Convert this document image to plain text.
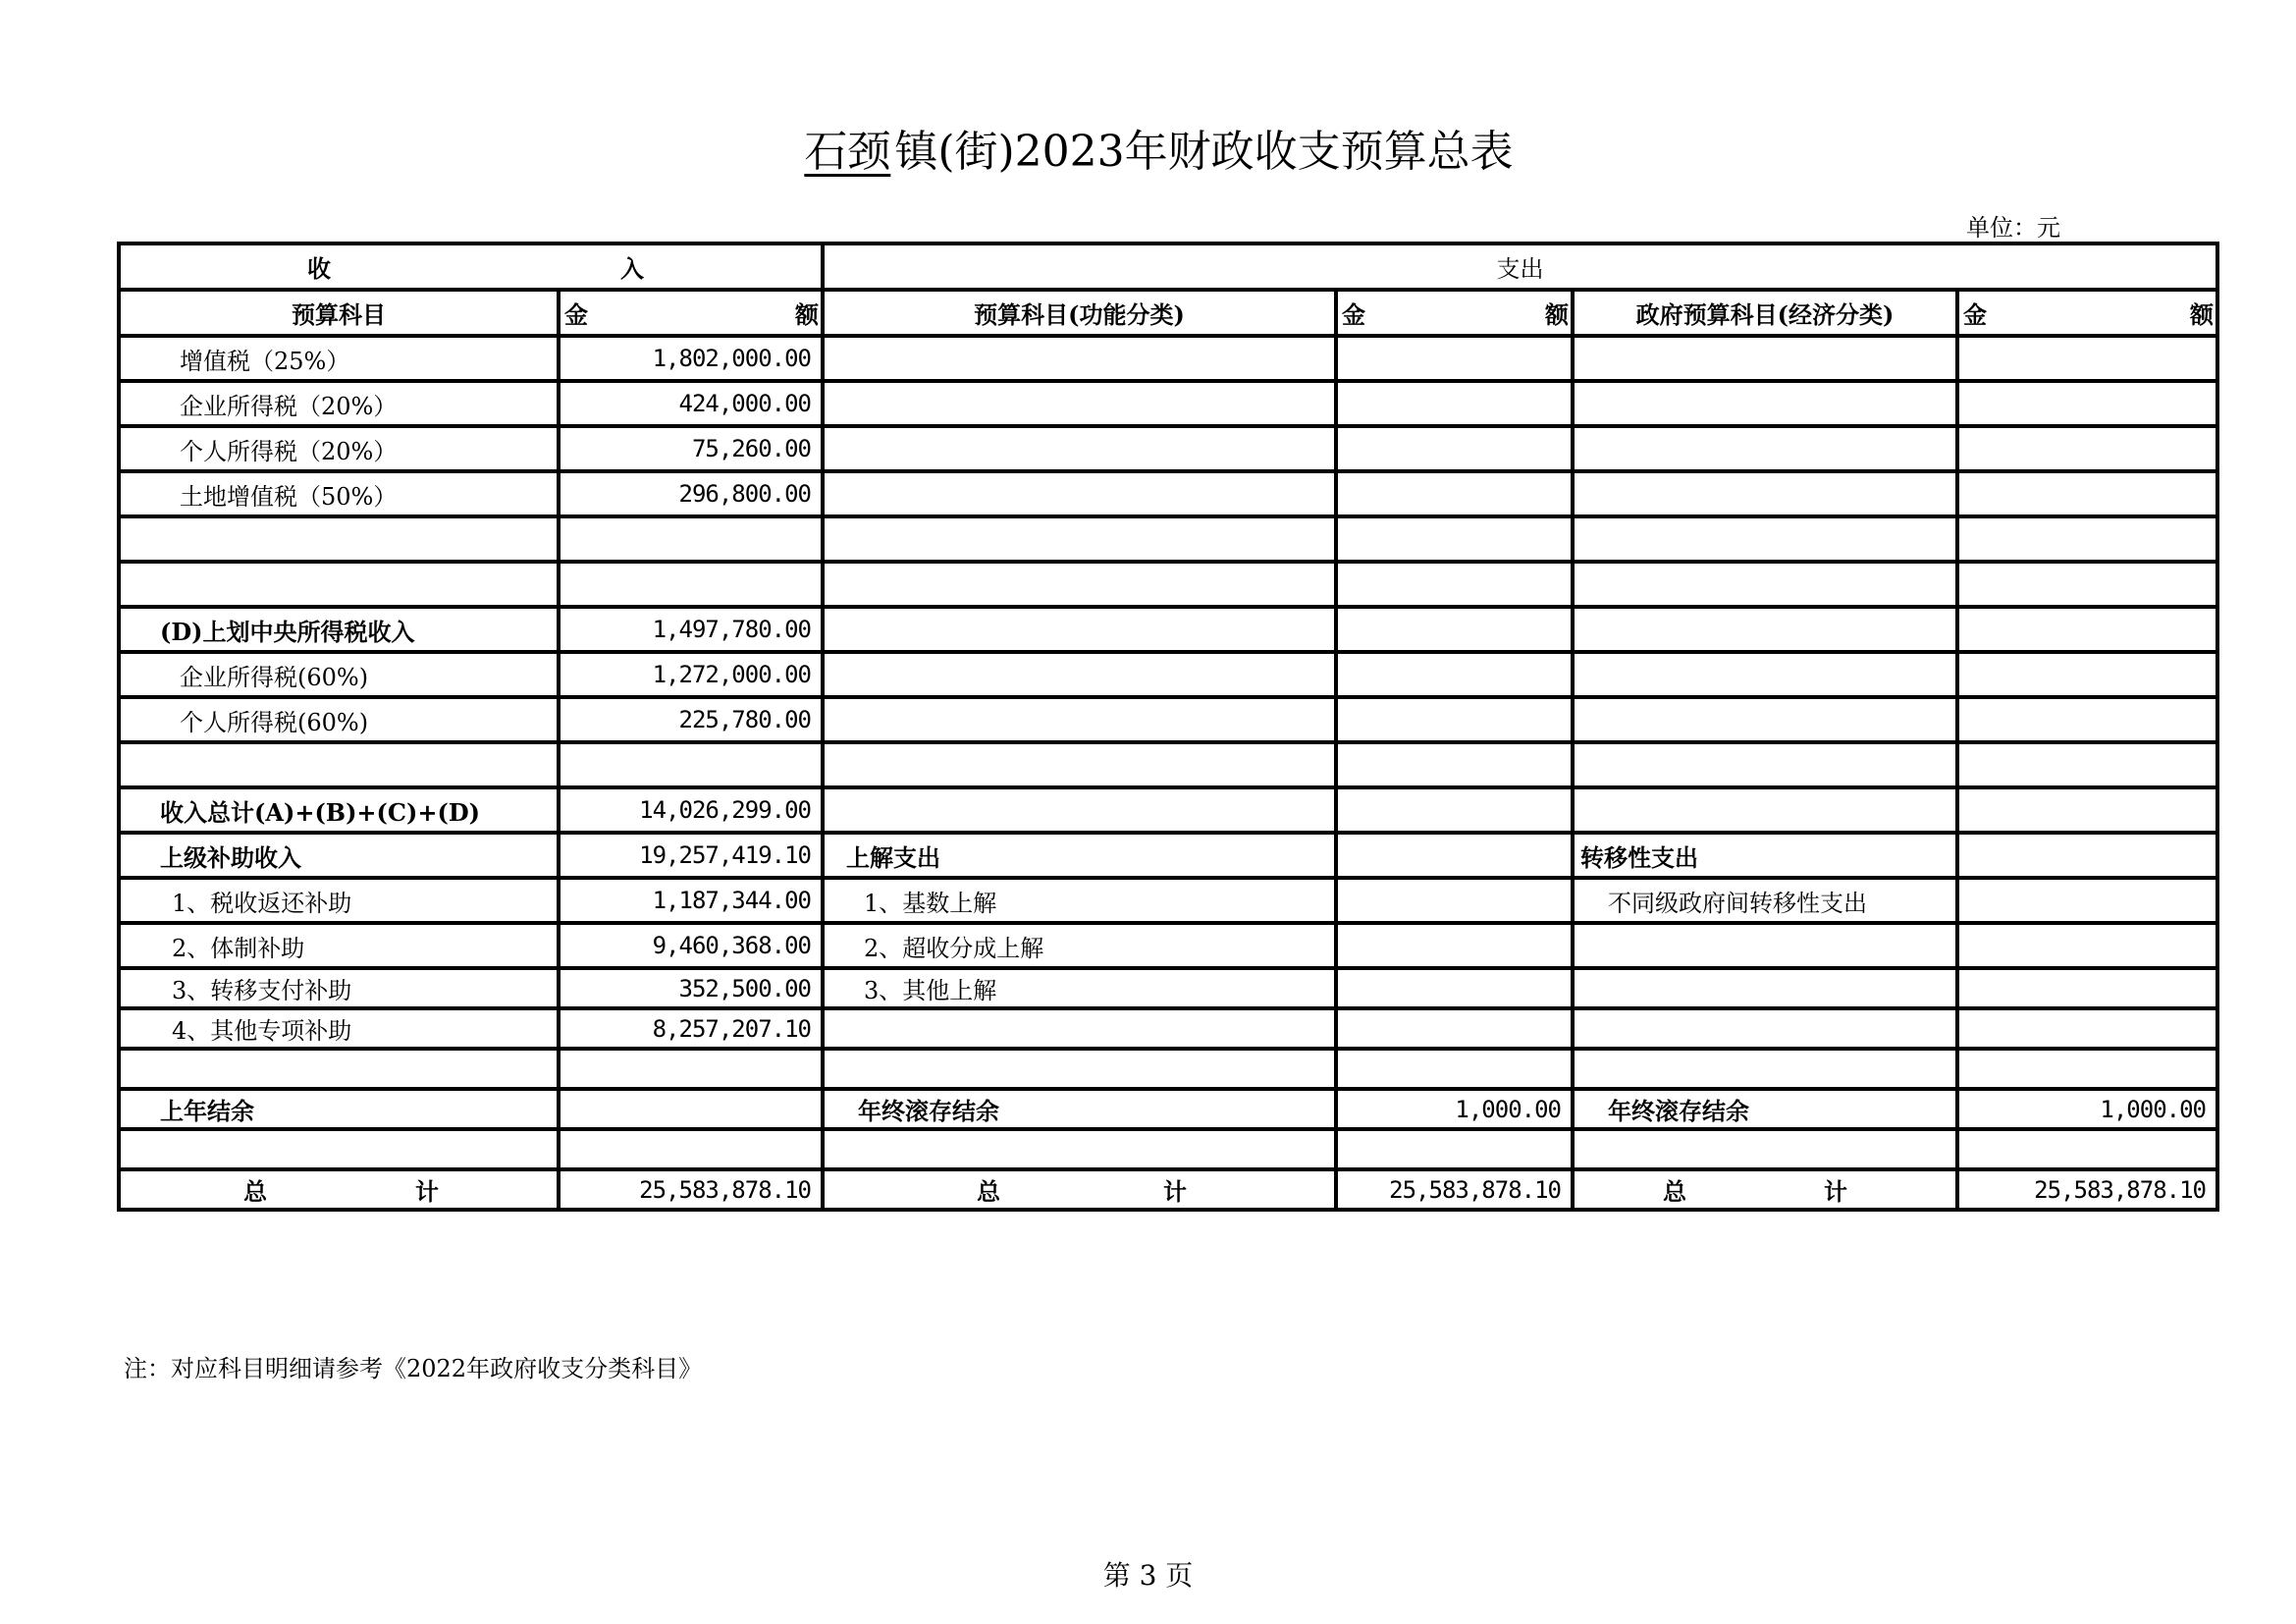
石颈镇(街)2023年财政收支预算总表
单位：元
收 入		支出			
预算科目	金 额	预算科目(功能分类)	金 额	政府预算科目(经济分类)	金 额

增值税（25%）	1,802,000.00				
企业所得税（20%）	424,000.00				
个人所得税（20%）	75,260.00				
土地增值税（50%）	296,800.00				

(D)上划中央所得税收入	1,497,780.00				
企业所得税(60%)	1,272,000.00				
个人所得税(60%)	225,780.00				

收入总计(A)+(B)+(C)+(D)	14,026,299.00				
上级补助收入	19,257,419.10	上解支出		转移性支出	
1、税收返还补助	1,187,344.00	1、基数上解		不同级政府间转移性支出	
2、体制补助	9,460,368.00	2、超收分成上解			
3、转移支付补助	352,500.00	3、其他上解			
4、其他专项补助	8,257,207.10				

上年结余		年终滚存结余	1,000.00	年终滚存结余	1,000.00

总 计	25,583,878.10	总 计	25,583,878.10	总 计	25,583,878.10
注：对应科目明细请参考《2022年政府收支分类科目》
第 3 页
